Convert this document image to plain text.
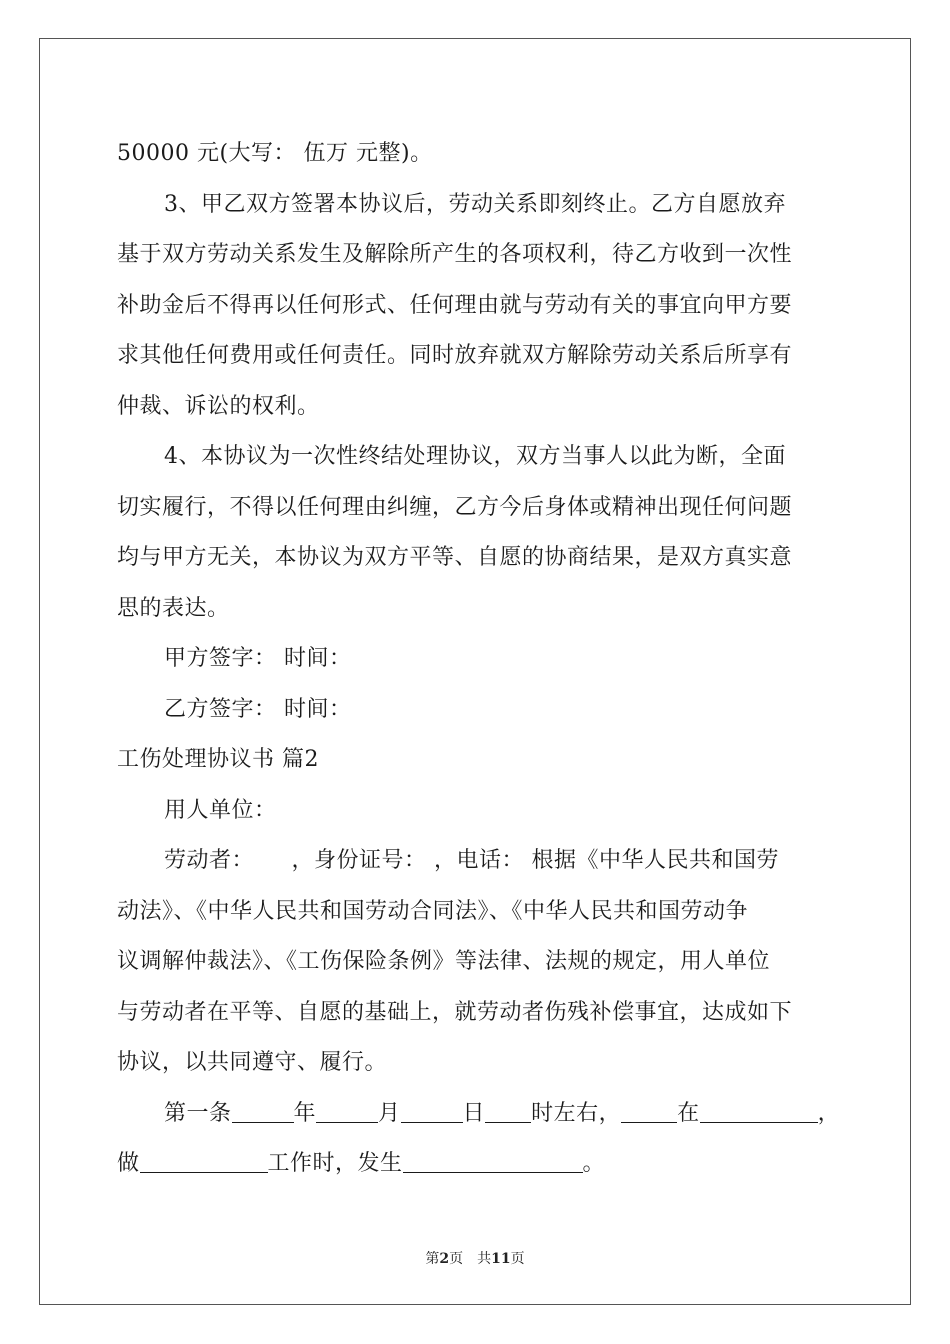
50000 元(大写： 伍万 元整)。
3、甲乙双方签署本协议后，劳动关系即刻终止。乙方自愿放弃
基于双方劳动关系发生及解除所产生的各项权利，待乙方收到一次性
补助金后不得再以任何形式、任何理由就与劳动有关的事宜向甲方要
求其他任何费用或任何责任。同时放弃就双方解除劳动关系后所享有
仲裁、诉讼的权利。
4、本协议为一次性终结处理协议，双方当事人以此为断，全面
切实履行，不得以任何理由纠缠，乙方今后身体或精神出现任何问题
均与甲方无关，本协议为双方平等、自愿的协商结果，是双方真实意
思的表达。
甲方签字： 时间：
乙方签字： 时间：
工伤处理协议书 篇2
用人单位：
劳动者：     ，身份证号： ，电话： 根据《中华人民共和国劳
动法》、《中华人民共和国劳动合同法》、《中华人民共和国劳动争
议调解仲裁法》、《工伤保险条例》等法律、法规的规定，用人单位
与劳动者在平等、自愿的基础上，就劳动者伤残补偿事宜，达成如下
协议，以共同遵守、履行。
第一条	年	月	日 时左右，	在	，
做	工作时，发生	。
第2页 共11页
